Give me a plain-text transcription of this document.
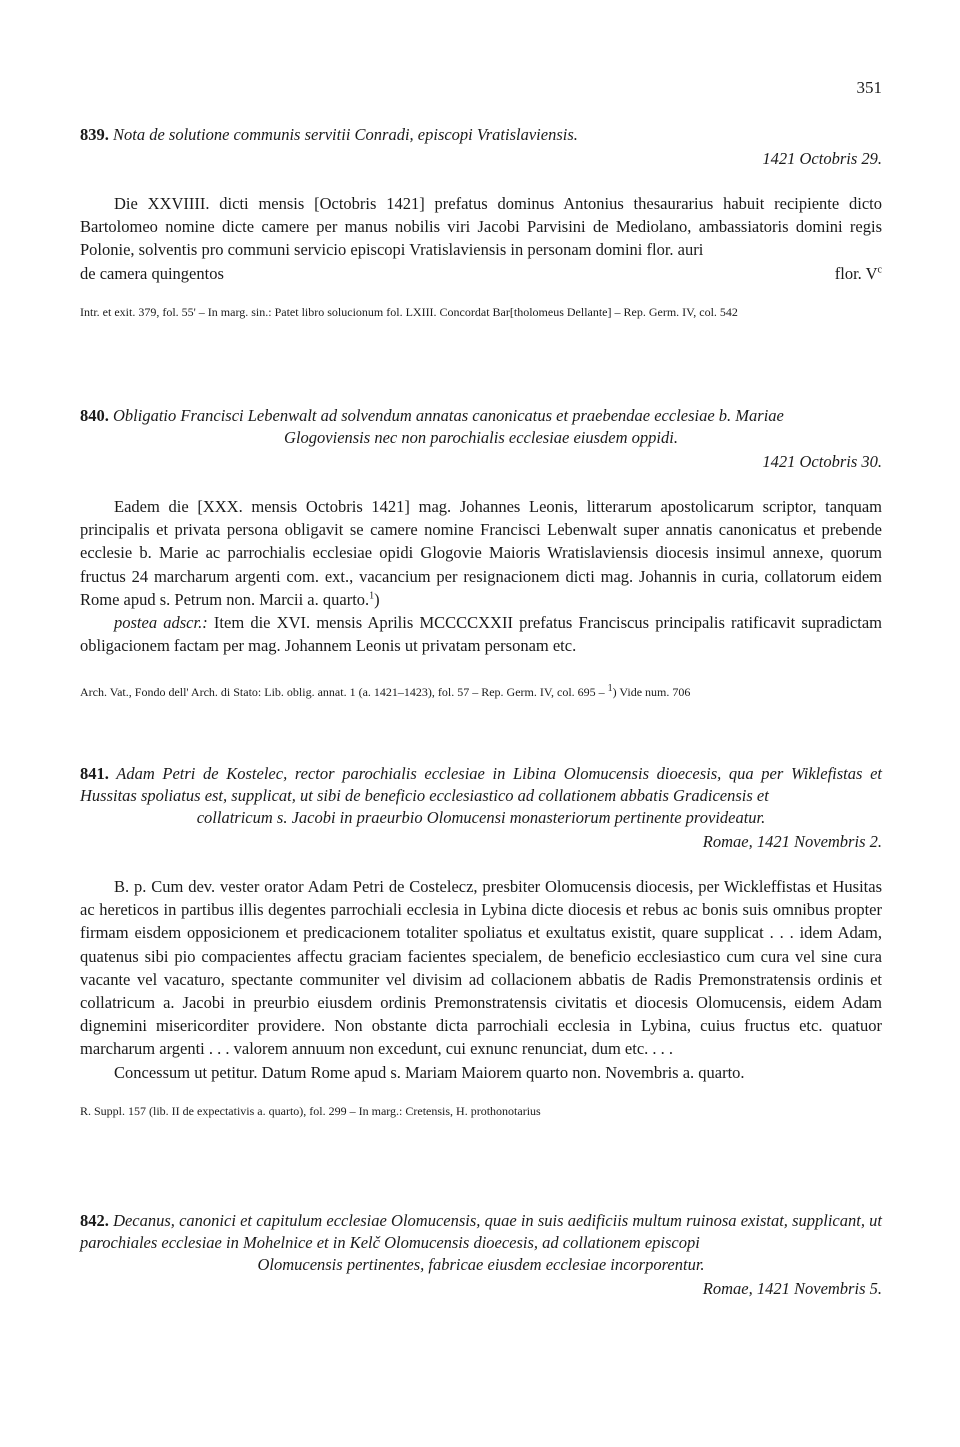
351
839. Nota de solutione communis servitii Conradi, episcopi Vratislaviensis.
1421 Octobris 29.

Die XXVIIII. dicti mensis [Octobris 1421] prefatus dominus Antonius thesaurarius habuit recipiente dicto Bartolomeo nomine dicte camere per manus nobilis viri Jacobi Parvisini de Mediolano, ambassiatoris domini regis Polonie, solventis pro communi servicio episcopi Vratislaviensis in personam domini flor. auri

de camera quingentos	flor. $V^c$
Intr. et exit. 379, fol. 55' – In marg. sin.: Patet libro solucionum fol. LXIII. Concordat Bar[tholomeus Dellante] – Rep. Germ. IV, col. 542
840. Obligatio Francisci Lebenwalt ad solvendum annatas canonicatus et praebendae ecclesiae b. Mariae
Glogoviensis nec non parochialis ecclesiae eiusdem oppidi.
1421 Octobris 30.

Eadem die [XXX. mensis Octobris 1421] mag. Johannes Leonis, litterarum apostolicarum scriptor, tanquam principalis et privata persona obligavit se camere nomine Francisci Lebenwalt super annatis canonicatus et prebende ecclesie b. Marie ac parrochialis ecclesiae opidi Glogovie Maioris Wratislaviensis diocesis insimul annexe, quorum fructus 24 marcharum argenti com. ext., vacancium per resignacionem dicti mag. Johannis in curia, collatorum eidem Rome apud s. Petrum non. Marcii a. quarto.$^1$)

postea adscr.: Item die XVI. mensis Aprilis MCCCCXXII prefatus Franciscus principalis ratificavit supradictam obligacionem factam per mag. Johannem Leonis ut privatam personam etc.

Arch. Vat., Fondo dell' Arch. di Stato: Lib. oblig. annat. 1 (a. 1421–1423), fol. 57 – Rep. Germ. IV, col. 695 – $^1$) Vide num. 706
841. Adam Petri de Kostelec, rector parochialis ecclesiae in Libina Olomucensis dioecesis, qua per Wiklefistas et Hussitas spoliatus est, supplicat, ut sibi de beneficio ecclesiastico ad collationem abbatis Gradicensis et
collatricum s. Jacobi in praeurbio Olomucensi monasteriorum pertinente provideatur.
Romae, 1421 Novembris 2.

B. p. Cum dev. vester orator Adam Petri de Costelecz, presbiter Olomucensis diocesis, per Wickleffistas et Husitas ac hereticos in partibus illis degentes parrochiali ecclesia in Lybina dicte diocesis et rebus ac bonis suis omnibus propter firmam eisdem opposicionem et predicacionem totaliter spoliatus et exultatus existit, quare supplicat . . . idem Adam, quatenus sibi pio compacientes affectu graciam facientes specialem, de beneficio ecclesiastico cum cura vel sine cura vacante vel vacaturo, spectante communiter vel divisim ad collacionem abbatis de Radis Premonstratensis ordinis et collatricum a. Jacobi in preurbio eiusdem ordinis Premonstratensis civitatis et diocesis Olomucensis, eidem Adam dignemini misericorditer providere. Non obstante dicta parrochiali ecclesia in Lybina, cuius fructus etc. quatuor marcharum argenti . . . valorem annuum non excedunt, cui exnunc renunciat, dum etc. . . .

Concessum ut petitur. Datum Rome apud s. Mariam Maiorem quarto non. Novembris a. quarto.

R. Suppl. 157 (lib. II de expectativis a. quarto), fol. 299 – In marg.: Cretensis, H. prothonotarius
842. Decanus, canonici et capitulum ecclesiae Olomucensis, quae in suis aedificiis multum ruinosa existat, supplicant, ut parochiales ecclesiae in Mohelnice et in Kelč Olomucensis dioecesis, ad collationem episcopi
Olomucensis pertinentes, fabricae eiusdem ecclesiae incorporentur.
Romae, 1421 Novembris 5.
